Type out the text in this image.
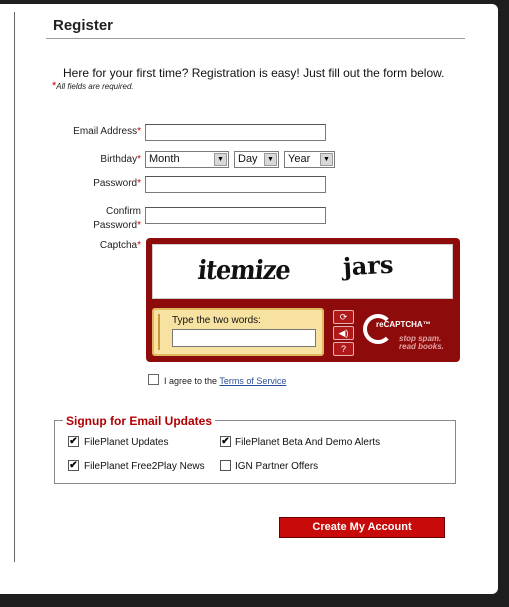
Register
Here for your first time? Registration is easy! Just fill out the form below.
*All fields are required.
Email Address*
Birthday* Month	▼	Day	▼	Year	▼
Password*
Confirm
Password*
Captcha*
itemize jars
Type the two words:	⟳
◀)
?
reCAPTCHA™
stop spam.
read books.
I agree to the Terms of Service
Signup for Email Updates
✔ FilePlanet Updates	✔ FilePlanet Beta And Demo Alerts
✔ FilePlanet Free2Play News	IGN Partner Offers
Create My Account
